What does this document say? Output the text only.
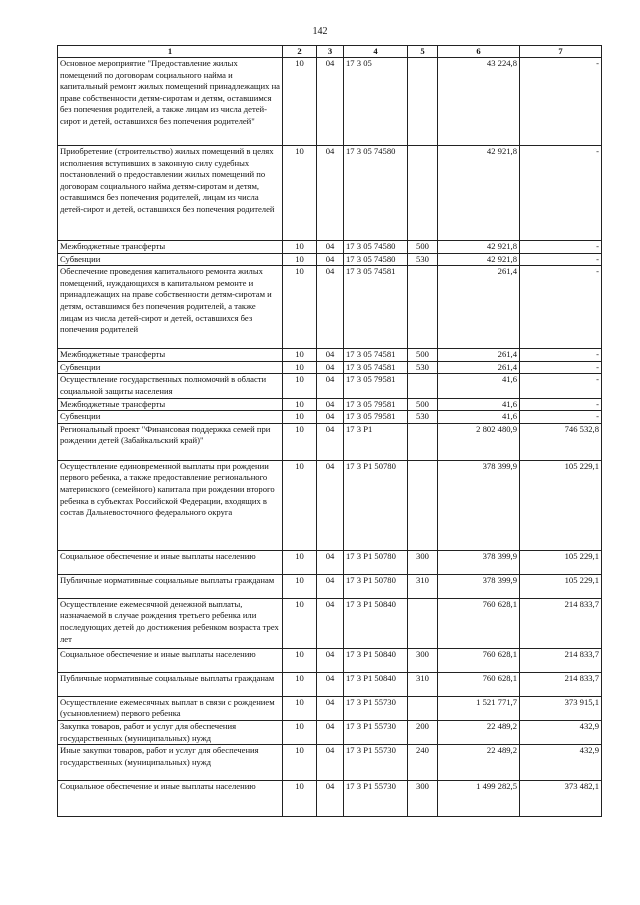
142
1	2	3	4	5	6	7
Основное мероприятие "Предоставление жилых помещений по договорам социального найма и капитальный ремонт жилых помещений принадлежащих на праве собственности детям-сиротам и детям, оставшимся без попечения родителей, а также лицам из числа детей-сирот и детей, оставшихся без попечения родителей"	10	04	17 3 05		43 224,8	-
Приобретение (строительство) жилых помещений в целях исполнения вступивших в законную силу судебных постановлений о предоставлении жилых помещений по договорам социального найма детям-сиротам и детям, оставшимся без попечения родителей, лицам из числа детей-сирот и детей, оставшихся без попечения родителей	10	04	17 3 05 74580		42 921,8	-
Межбюджетные трансферты	10	04	17 3 05 74580	500	42 921,8	-
Субвенции	10	04	17 3 05 74580	530	42 921,8	-
Обеспечение проведения капитального ремонта жилых помещений, нуждающихся в капитальном ремонте и принадлежащих на праве собственности детям-сиротам и детям, оставшимся без попечения родителей, а также лицам из числа детей-сирот и детей, оставшихся без попечения родителей	10	04	17 3 05 74581		261,4	-
Межбюджетные трансферты	10	04	17 3 05 74581	500	261,4	-
Субвенции	10	04	17 3 05 74581	530	261,4	-
Осуществление государственных полномочий в области социальной защиты населения	10	04	17 3 05 79581		41,6	-
Межбюджетные трансферты	10	04	17 3 05 79581	500	41,6	-
Субвенции	10	04	17 3 05 79581	530	41,6	-
Региональный проект "Финансовая поддержка семей при рождении детей (Забайкальский край)"	10	04	17 3 P1		2 802 480,9	746 532,8
Осуществление единовременной выплаты при рождении первого ребенка, а также предоставление регионального материнского (семейного) капитала при рождении второго ребенка в субъектах Российской Федерации, входящих в состав Дальневосточного федерального округа	10	04	17 3 P1 50780		378 399,9	105 229,1
Социальное обеспечение и иные выплаты населению	10	04	17 3 P1 50780	300	378 399,9	105 229,1
Публичные нормативные социальные выплаты гражданам	10	04	17 3 P1 50780	310	378 399,9	105 229,1
Осуществление ежемесячной денежной выплаты, назначаемой в случае рождения третьего ребенка или последующих детей до достижения ребенком возраста трех лет	10	04	17 3 P1 50840		760 628,1	214 833,7
Социальное обеспечение и иные выплаты населению	10	04	17 3 P1 50840	300	760 628,1	214 833,7
Публичные нормативные социальные выплаты гражданам	10	04	17 3 P1 50840	310	760 628,1	214 833,7
Осуществление ежемесячных выплат в связи с рождением (усыновлением) первого ребенка	10	04	17 3 P1 55730		1 521 771,7	373 915,1
Закупка товаров, работ и услуг для обеспечения государственных (муниципальных) нужд	10	04	17 3 P1 55730	200	22 489,2	432,9
Иные закупки товаров, работ и услуг для обеспечения государственных (муниципальных) нужд	10	04	17 3 P1 55730	240	22 489,2	432,9
Социальное обеспечение и иные выплаты населению	10	04	17 3 P1 55730	300	1 499 282,5	373 482,1
